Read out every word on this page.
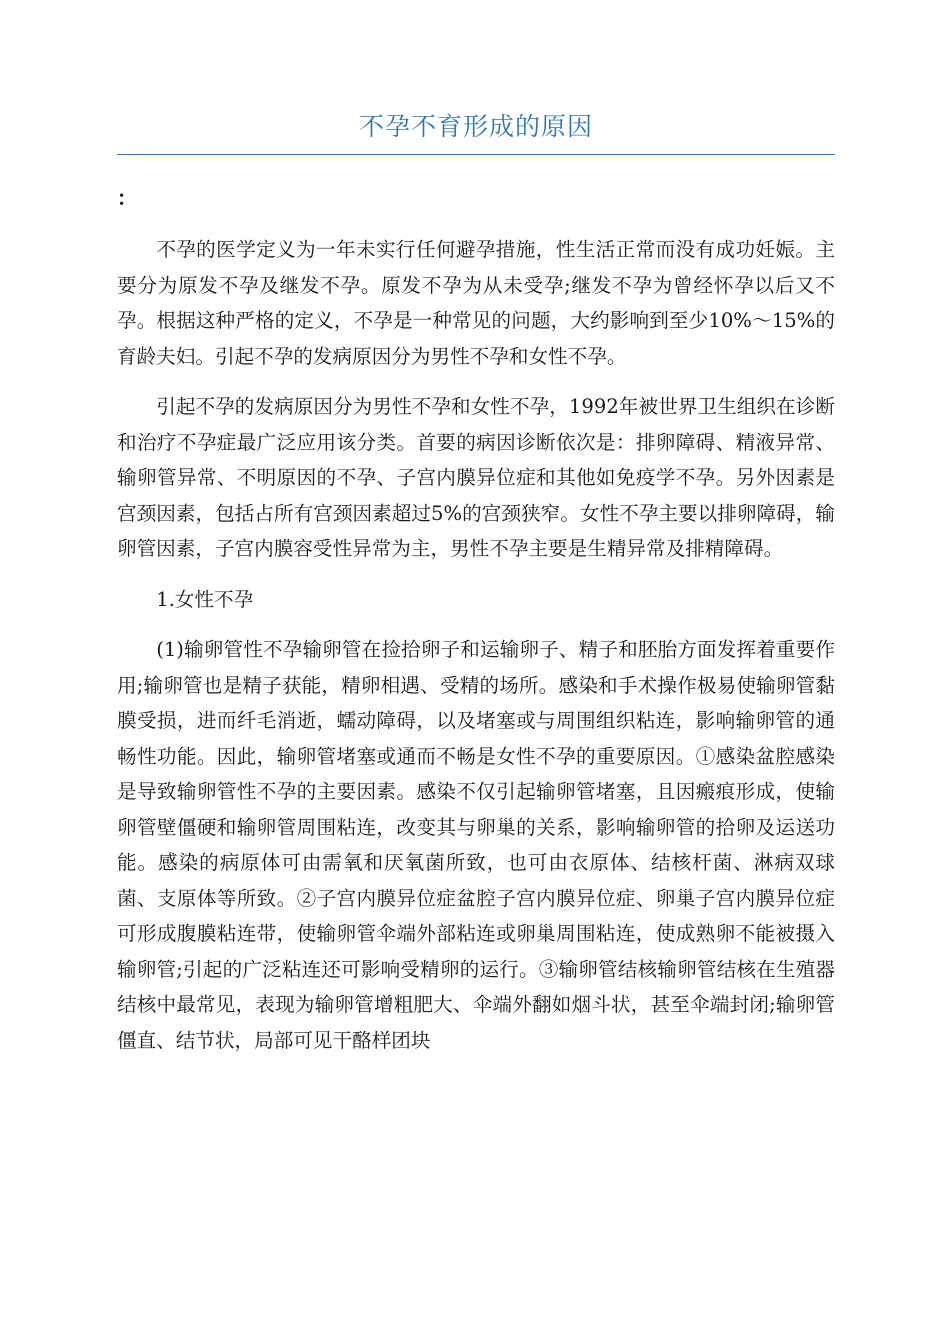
不孕不育形成的原因
：

不孕的医学定义为一年未实行任何避孕措施，性生活正常而没有成功妊娠。主要分为原发不孕及继发不孕。原发不孕为从未受孕;继发不孕为曾经怀孕以后又不孕。根据这种严格的定义，不孕是一种常见的问题，大约影响到至少10%～15%的育龄夫妇。引起不孕的发病原因分为男性不孕和女性不孕。

引起不孕的发病原因分为男性不孕和女性不孕，1992年被世界卫生组织在诊断和治疗不孕症最广泛应用该分类。首要的病因诊断依次是：排卵障碍、精液异常、输卵管异常、不明原因的不孕、子宫内膜异位症和其他如免疫学不孕。另外因素是宫颈因素，包括占所有宫颈因素超过5%的宫颈狭窄。女性不孕主要以排卵障碍，输卵管因素，子宫内膜容受性异常为主，男性不孕主要是生精异常及排精障碍。

1.女性不孕

(1)输卵管性不孕输卵管在捡拾卵子和运输卵子、精子和胚胎方面发挥着重要作用;输卵管也是精子获能，精卵相遇、受精的场所。感染和手术操作极易使输卵管黏膜受损，进而纤毛消逝，蠕动障碍，以及堵塞或与周围组织粘连，影响输卵管的通畅性功能。因此，输卵管堵塞或通而不畅是女性不孕的重要原因。①感染盆腔感染是导致输卵管性不孕的主要因素。感染不仅引起输卵管堵塞，且因瘢痕形成，使输卵管壁僵硬和输卵管周围粘连，改变其与卵巢的关系，影响输卵管的拾卵及运送功能。感染的病原体可由需氧和厌氧菌所致，也可由衣原体、结核杆菌、淋病双球菌、支原体等所致。②子宫内膜异位症盆腔子宫内膜异位症、卵巢子宫内膜异位症可形成腹膜粘连带，使输卵管伞端外部粘连或卵巢周围粘连，使成熟卵不能被摄入输卵管;引起的广泛粘连还可影响受精卵的运行。③输卵管结核输卵管结核在生殖器结核中最常见，表现为输卵管增粗肥大、伞端外翻如烟斗状，甚至伞端封闭;输卵管僵直、结节状，局部可见干酪样团块
